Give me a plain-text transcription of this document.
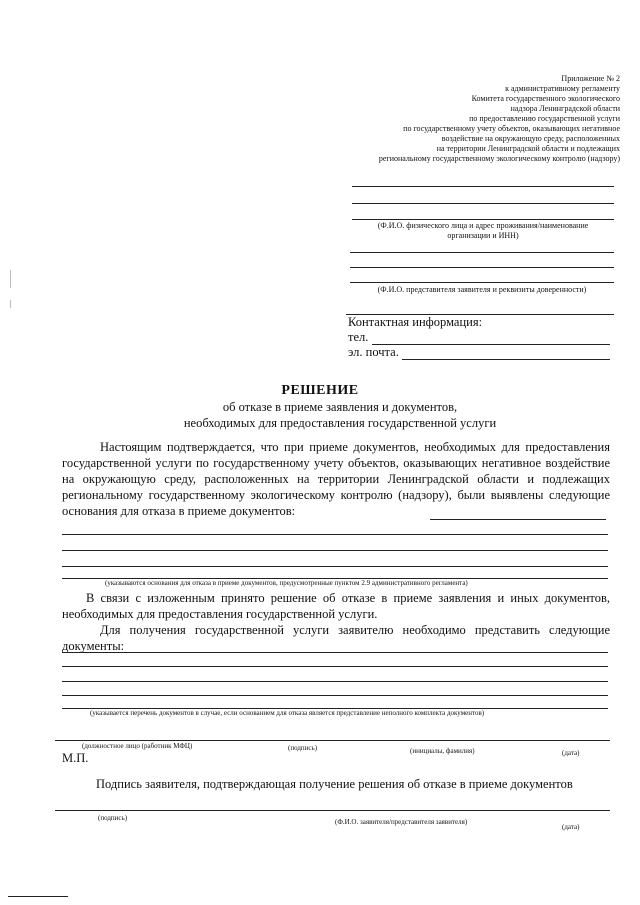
Приложение № 2
к административному регламенту
Комитета государственного экологического
надзора Ленинградской области
по предоставлению государственной услуги
по государственному учету объектов, оказывающих негативное
воздействие на окружающую среду, расположенных
на территории Ленинградской области и подлежащих
региональному государственному экологическому контролю (надзору)
(Ф.И.О. физического лица и адрес проживания/наименование
организации и ИНН)
(Ф.И.О. представителя заявителя и реквизиты доверенности)
Контактная информация:
тел.
эл. почта.
РЕШЕНИЕ
об отказе в приеме заявления и документов,
необходимых для предоставления государственной услуги
Настоящим подтверждается, что при приеме документов, необходимых для предоставления государственной услуги по государственному учету объектов, оказывающих негативное воздействие на окружающую среду, расположенных на территории Ленинградской области и подлежащих региональному государственному экологическому контролю (надзору), были выявлены следующие основания для отказа в приеме документов:
(указываются основания для отказа в приеме документов, предусмотренные пунктом 2.9 административного регламента)
В связи с изложенным принято решение об отказе в приеме заявления и иных документов, необходимых для предоставления государственной услуги.
Для получения государственной услуги заявителю необходимо представить следующие документы:
(указывается перечень документов в случае, если основанием для отказа является представление неполного комплекта документов)
(должностное лицо (работник МФЦ)	(подпись)	(инициалы, фамилия)	(дата)
М.П.
Подпись заявителя, подтверждающая получение решения об отказе в приеме документов
(подпись)	(Ф.И.О. заявителя/представителя заявителя)
(дата)
